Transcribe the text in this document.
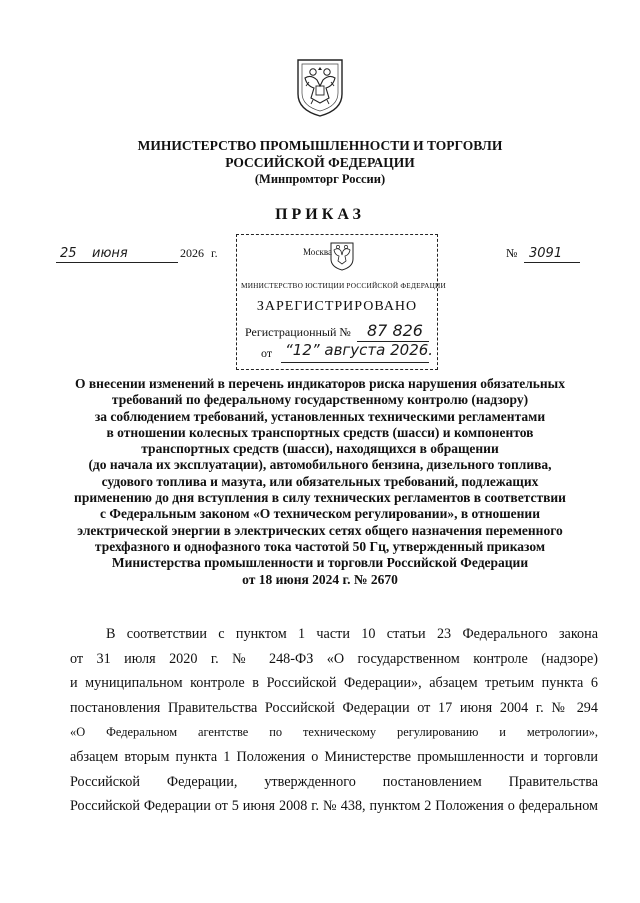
МИНИСТЕРСТВО ПРОМЫШЛЕННОСТИ И ТОРГОВЛИ
РОССИЙСКОЙ ФЕДЕРАЦИИ
(Минпромторг России)
ПРИКАЗ
25 июня	2026 г.	№ 3091
Москва
МИНИСТЕРСТВО ЮСТИЦИИ РОССИЙСКОЙ ФЕДЕРАЦИИ
ЗАРЕГИСТРИРОВАНО
Регистрационный № 87 826
от “12” августа 2026.
О внесении изменений в перечень индикаторов риска нарушения обязательных
требований по федеральному государственному контролю (надзору)
за соблюдением требований, установленных техническими регламентами
в отношении колесных транспортных средств (шасси) и компонентов
транспортных средств (шасси), находящихся в обращении
(до начала их эксплуатации), автомобильного бензина, дизельного топлива,
судового топлива и мазута, или обязательных требований, подлежащих
применению до дня вступления в силу технических регламентов в соответствии
с Федеральным законом «О техническом регулировании», в отношении
электрической энергии в электрических сетях общего назначения переменного
трехфазного и однофазного тока частотой 50 Гц, утвержденный приказом
Министерства промышленности и торговли Российской Федерации
от 18 июня 2024 г. № 2670
В соответствии с пунктом 1 части 10 статьи 23 Федерального закона
от 31 июля 2020 г. № 248-ФЗ «О государственном контроле (надзоре)
и муниципальном контроле в Российской Федерации», абзацем третьим пункта 6
постановления Правительства Российской Федерации от 17 июня 2004 г. № 294
«О Федеральном агентстве по техническому регулированию и метрологии»,
абзацем вторым пункта 1 Положения о Министерстве промышленности и торговли
Российской Федерации, утвержденного постановлением Правительства
Российской Федерации от 5 июня 2008 г. № 438, пунктом 2 Положения о федеральном
